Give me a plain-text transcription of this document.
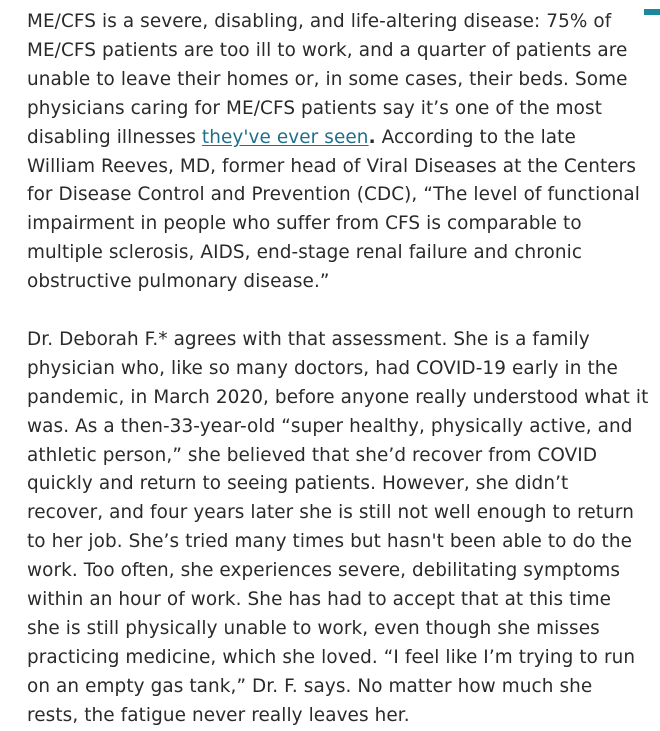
ME/CFS is a severe, disabling, and life-altering disease: 75% of ME/CFS patients are too ill to work, and a quarter of patients are unable to leave their homes or, in some cases, their beds. Some physicians caring for ME/CFS patients say it’s one of the most disabling illnesses they've ever seen. According to the late William Reeves, MD, former head of Viral Diseases at the Centers for Disease Control and Prevention (CDC), “The level of functional impairment in people who suffer from CFS is comparable to multiple sclerosis, AIDS, end-stage renal failure and chronic obstructive pulmonary disease.”

Dr. Deborah F.* agrees with that assessment. She is a family physician who, like so many doctors, had COVID-19 early in the pandemic, in March 2020, before anyone really understood what it was. As a then-33-year-old “super healthy, physically active, and athletic person,” she believed that she’d recover from COVID quickly and return to seeing patients. However, she didn’t recover, and four years later she is still not well enough to return to her job. She’s tried many times but hasn't been able to do the work. Too often, she experiences severe, debilitating symptoms within an hour of work. She has had to accept that at this time she is still physically unable to work, even though she misses practicing medicine, which she loved. “I feel like I’m trying to run on an empty gas tank,” Dr. F. says. No matter how much she rests, the fatigue never really leaves her.
